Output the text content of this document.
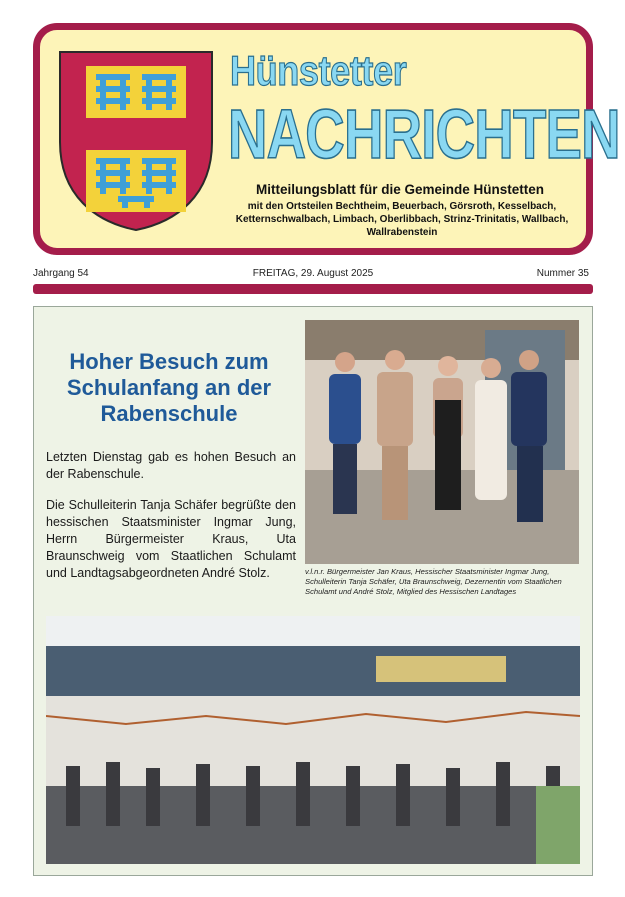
Hünstetter
NACHRICHTEN
Mitteilungsblatt für die Gemeinde Hünstetten
mit den Ortsteilen Bechtheim, Beuerbach, Görsroth, Kesselbach, Ketternschwalbach, Limbach, Oberlibbach, Strinz-Trinitatis, Wallbach, Wallrabenstein
Jahrgang 54	FREITAG, 29. August 2025	Nummer 35
Hoher Besuch zum Schulanfang an der Rabenschule

Letzten Dienstag gab es hohen Besuch an der Rabenschule.

Die Schulleiterin Tanja Schäfer begrüßte den hessischen Staatsminister Ingmar Jung, Herrn Bürgermeister Kraus, Uta Braunschweig vom Staatlichen Schulamt und Landtagsabgeordneten André Stolz.	v.l.n.r. Bürgermeister Jan Kraus, Hessischer Staatsminister Ingmar Jung, Schulleiterin Tanja Schäfer, Uta Braunschweig, Dezernentin vom Staatlichen Schulamt und André Stolz, Mitglied des Hessischen Landtages
